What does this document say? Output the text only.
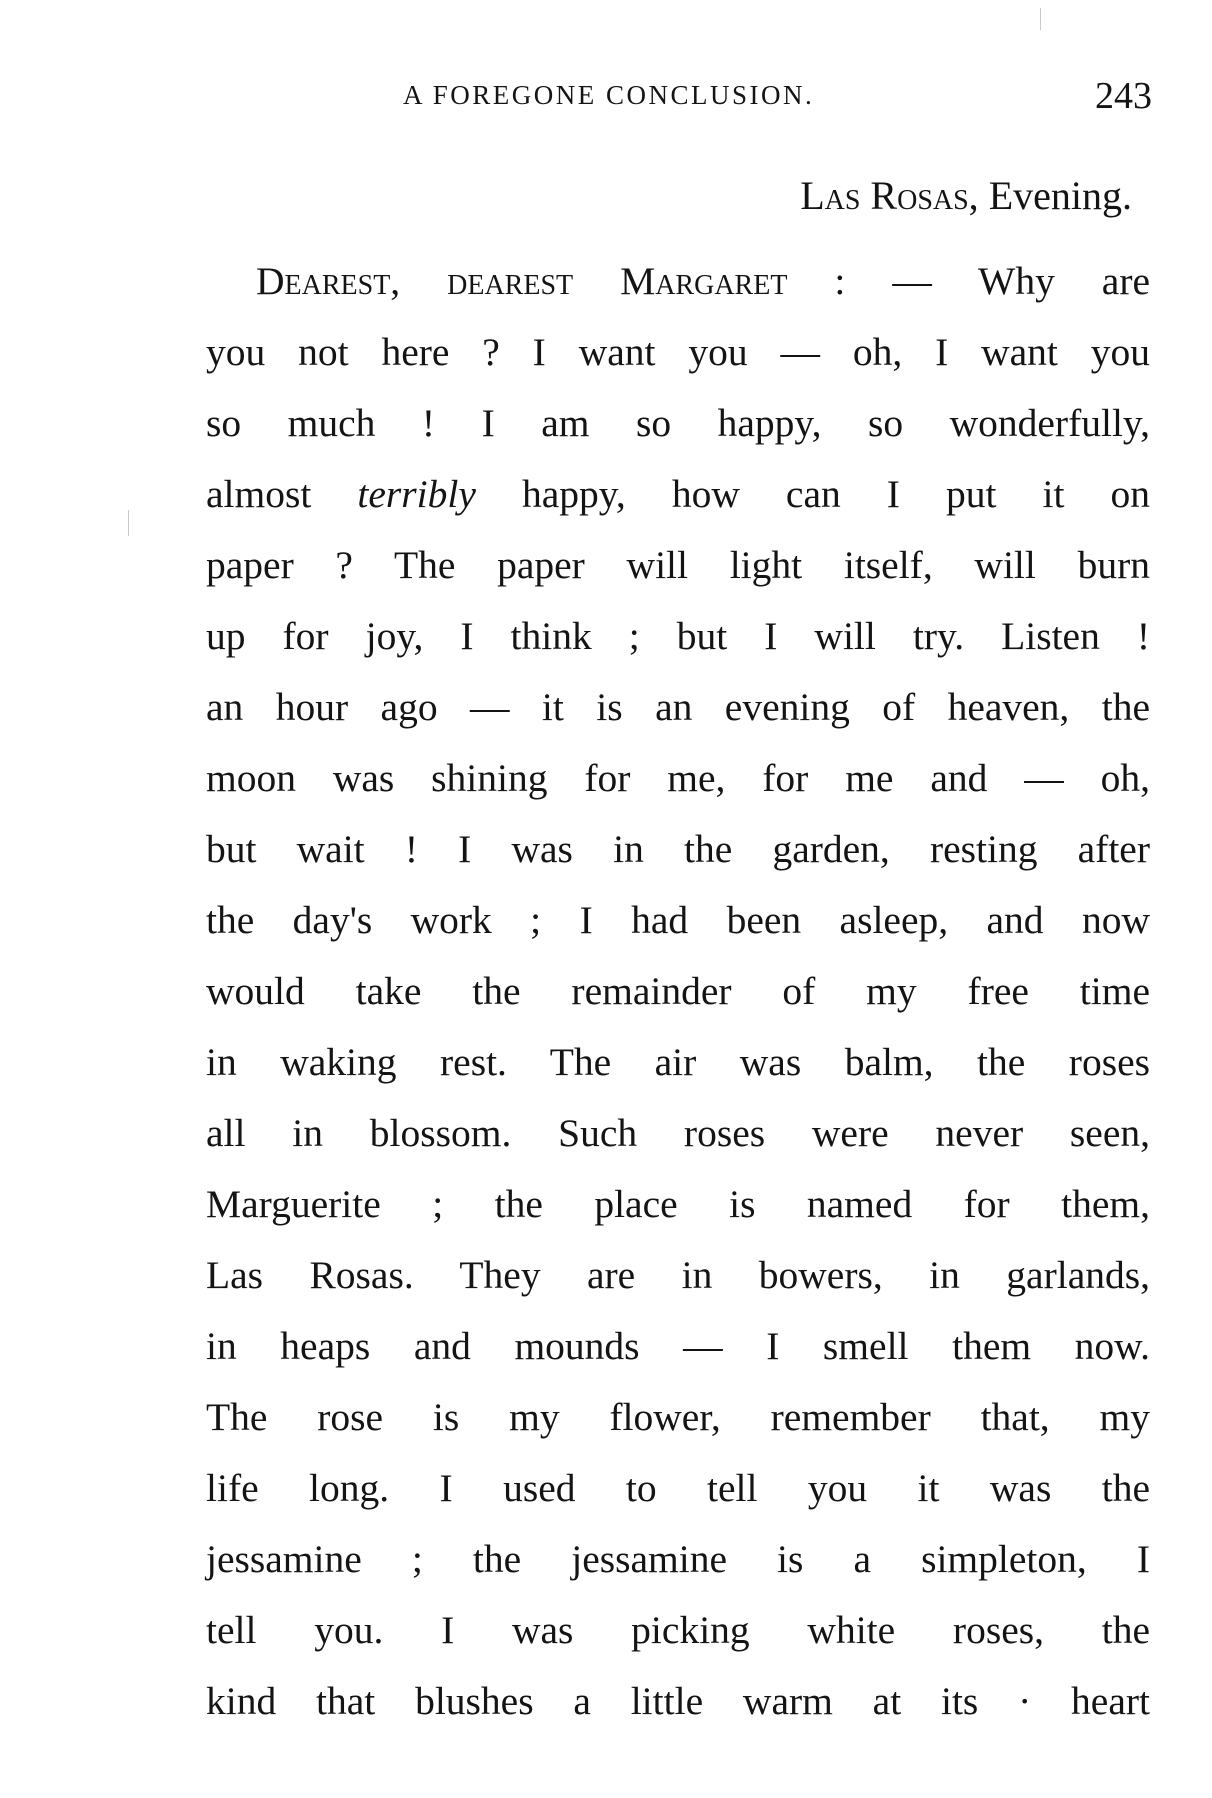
A FOREGONE CONCLUSION.	243
Las Rosas, Evening.
Dearest, dearest Margaret : — Why are
you not here ? I want you — oh, I want you
so much ! I am so happy, so wonderfully,
almost terribly happy, how can I put it on
paper ? The paper will light itself, will burn
up for joy, I think ; but I will try. Listen !
an hour ago — it is an evening of heaven, the
moon was shining for me, for me and — oh,
but wait ! I was in the garden, resting after
the day's work ; I had been asleep, and now
would take the remainder of my free time
in waking rest. The air was balm, the roses
all in blossom. Such roses were never seen,
Marguerite ; the place is named for them,
Las Rosas. They are in bowers, in garlands,
in heaps and mounds — I smell them now.
The rose is my flower, remember that, my
life long. I used to tell you it was the
jessamine ; the jessamine is a simpleton, I
tell you. I was picking white roses, the
kind that blushes a little warm at its · heart
